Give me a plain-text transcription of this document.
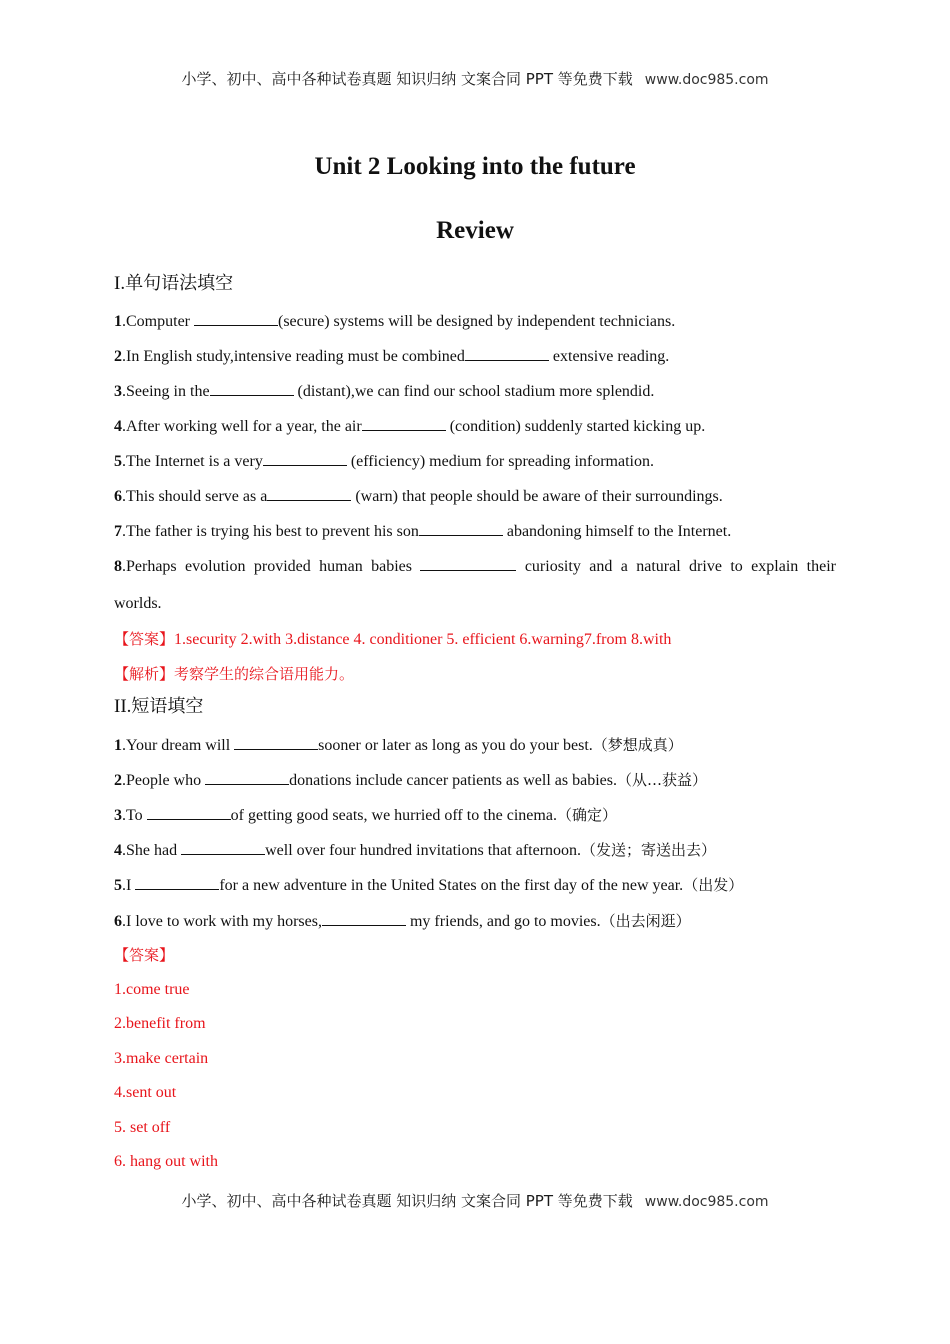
小学、初中、高中各种试卷真题 知识归纳 文案合同 PPT 等免费下载 www.doc985.com
Unit 2 Looking into the future
Review
I.单句语法填空
1.Computer	(secure) systems will be designed by independent technicians.
2.In English study,intensive reading must be combined	extensive reading.
3.Seeing in the	(distant),we can find our school stadium more splendid.
4.After working well for a year, the air	(condition) suddenly started kicking up.
5.The Internet is a very	(efficiency) medium for spreading information.
6.This should serve as a	(warn) that people should be aware of their surroundings.
7.The father is trying his best to prevent his son	abandoning himself to the Internet.
8.Perhaps evolution provided human babies	curiosity and a natural drive to explain their
worlds.
【答案】1.security 2.with 3.distance 4. conditioner 5. efficient 6.warning7.from 8.with
【解析】考察学生的综合语用能力。
II.短语填空
1.Your dream will	sooner or later as long as you do your best.（梦想成真）
2.People who	donations include cancer patients as well as babies.（从…获益）
3.To	of getting good seats, we hurried off to the cinema.（确定）
4.She had	well over four hundred invitations that afternoon.（发送；寄送出去）
5.I	for a new adventure in the United States on the first day of the new year.（出发）
6.I love to work with my horses,	my friends, and go to movies.（出去闲逛）
【答案】
1.come true
2.benefit from
3.make certain
4.sent out
5. set off
6. hang out with
小学、初中、高中各种试卷真题 知识归纳 文案合同 PPT 等免费下载 www.doc985.com
